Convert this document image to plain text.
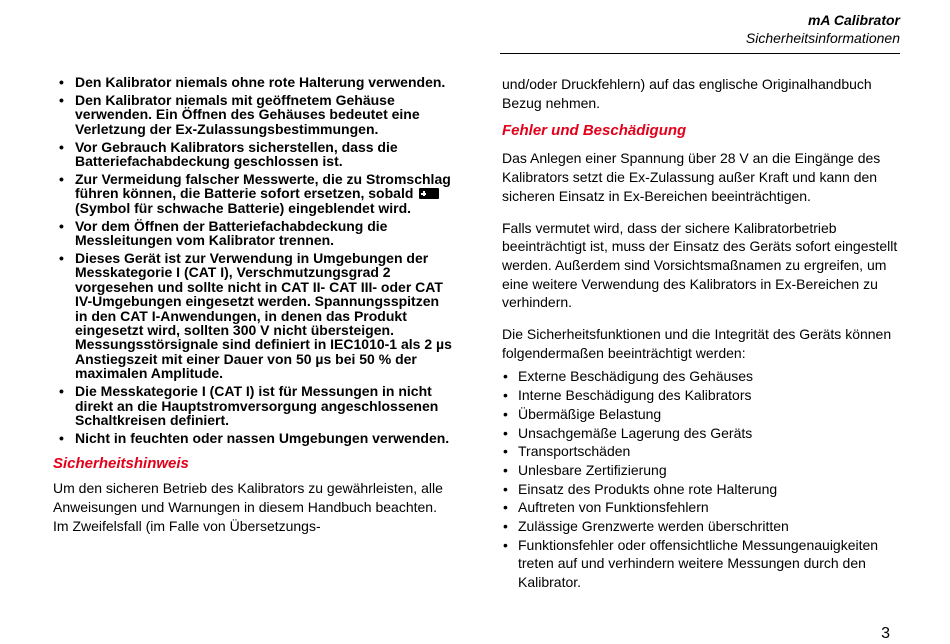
mA Calibrator
Sicherheitsinformationen
• Den Kalibrator niemals ohne rote Halterung verwenden.
• Den Kalibrator niemals mit geöffnetem Gehäuse verwenden. Ein Öffnen des Gehäuses bedeutet eine Verletzung der Ex-Zulassungsbestimmungen.
• Vor Gebrauch Kalibrators sicherstellen, dass die Batteriefachabdeckung geschlossen ist.
• Zur Vermeidung falscher Messwerte, die zu Stromschlag führen können, die Batterie sofort ersetzen, sobald  (Symbol für schwache Batterie) eingeblendet wird.
• Vor dem Öffnen der Batteriefachabdeckung die Messleitungen vom Kalibrator trennen.
• Dieses Gerät ist zur Verwendung in Umgebungen der Messkategorie I (CAT I), Verschmutzungsgrad 2 vorgesehen und sollte nicht in CAT II- CAT III- oder CAT IV-Umgebungen eingesetzt werden. Spannungsspitzen in den CAT I-Anwendungen, in denen das Produkt eingesetzt wird, sollten 300 V nicht übersteigen. Messungsstörsignale sind definiert in IEC1010-1 als 2 µs Anstiegszeit mit einer Dauer von 50 µs bei 50 % der maximalen Amplitude.
• Die Messkategorie I (CAT I) ist für Messungen in nicht direkt an die Hauptstromversorgung angeschlossenen Schaltkreisen definiert.
• Nicht in feuchten oder nassen Umgebungen verwenden.
Sicherheitshinweis

Um den sicheren Betrieb des Kalibrators zu gewährleisten, alle Anweisungen und Warnungen in diesem Handbuch beachten. Im Zweifelsfall (im Falle von Übersetzungs-

und/oder Druckfehlern) auf das englische Originalhandbuch Bezug nehmen.

Fehler und Beschädigung

Das Anlegen einer Spannung über 28 V an die Eingänge des Kalibrators setzt die Ex-Zulassung außer Kraft und kann den sicheren Einsatz in Ex-Bereichen beeinträchtigen.

Falls vermutet wird, dass der sichere Kalibratorbetrieb beeinträchtigt ist, muss der Einsatz des Geräts sofort eingestellt werden. Außerdem sind Vorsichtsmaßnamen zu ergreifen, um eine weitere Verwendung des Kalibrators in Ex-Bereichen zu verhindern.

Die Sicherheitsfunktionen und die Integrität des Geräts können folgendermaßen beeinträchtigt werden:

• Externe Beschädigung des Gehäuses
• Interne Beschädigung des Kalibrators
• Übermäßige Belastung
• Unsachgemäße Lagerung des Geräts
• Transportschäden
• Unlesbare Zertifizierung
• Einsatz des Produkts ohne rote Halterung
• Auftreten von Funktionsfehlern
• Zulässige Grenzwerte werden überschritten
• Funktionsfehler oder offensichtliche Messungenauigkeiten treten auf und verhindern weitere Messungen durch den Kalibrator.
3
